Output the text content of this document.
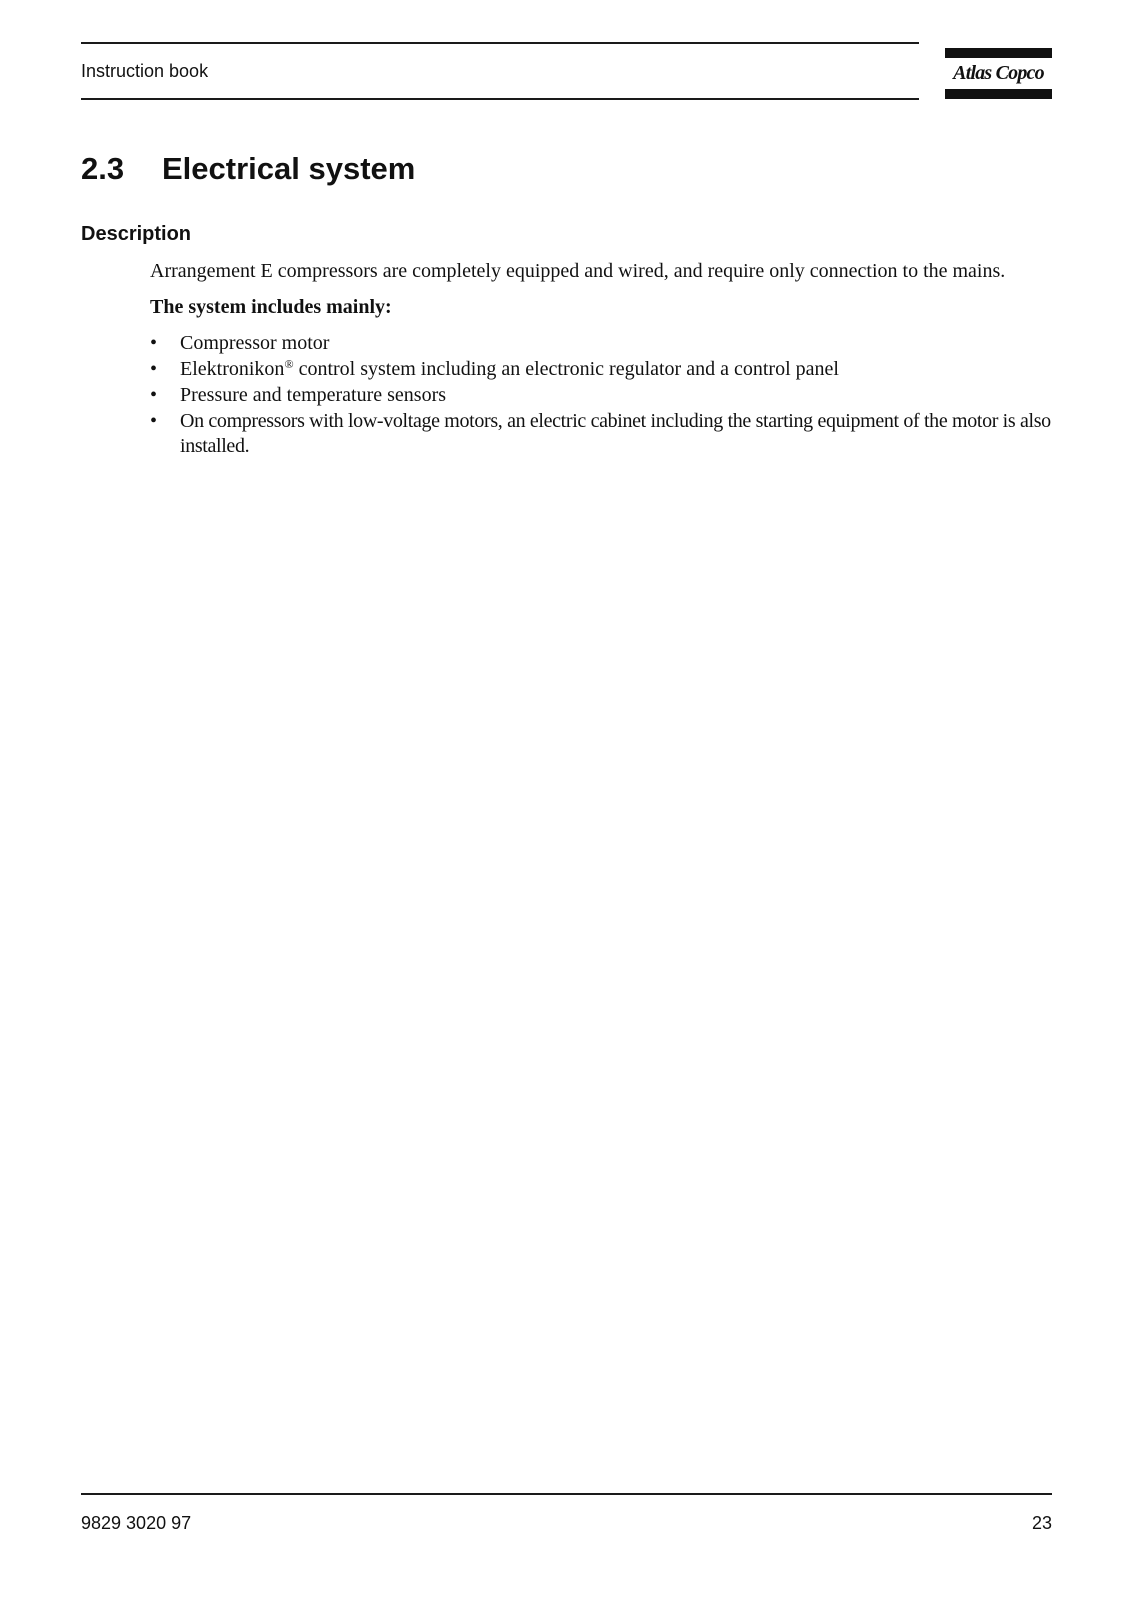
Instruction book	Atlas Copco
2.3 Electrical system
Description
Arrangement E compressors are completely equipped and wired, and require only connection to the mains.
The system includes mainly:
• Compressor motor
• Elektronikon® control system including an electronic regulator and a control panel
• Pressure and temperature sensors
• On compressors with low-voltage motors, an electric cabinet including the starting equipment of the motor is also installed.
9829 3020 97	23
